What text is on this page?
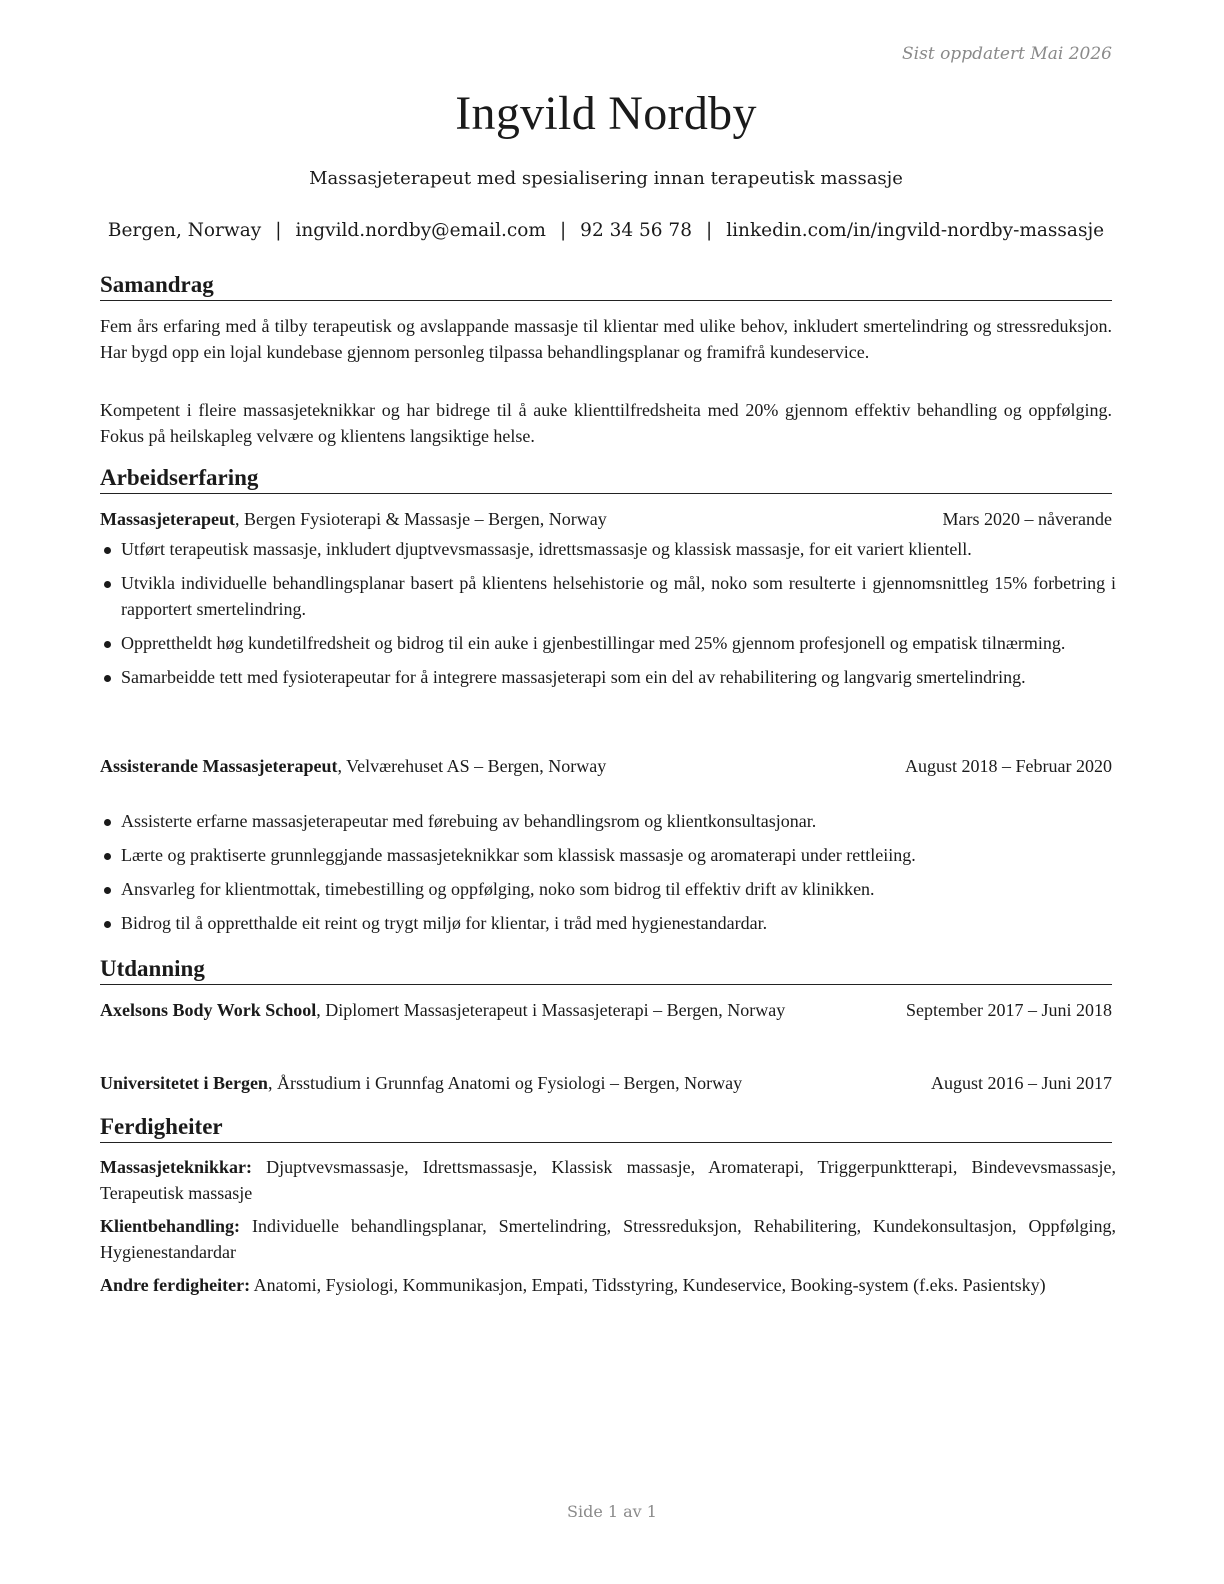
Sist oppdatert Mai 2026
Ingvild Nordby
Massasjeterapeut med spesialisering innan terapeutisk massasje
Bergen, Norway | ingvild.nordby@email.com | 92 34 56 78 | linkedin.com/in/ingvild-nordby-massasje
Samandrag
Fem års erfaring med å tilby terapeutisk og avslappande massasje til klientar med ulike behov, inkludert smertelindring og stressreduksjon. Har bygd opp ein lojal kundebase gjennom personleg tilpassa behandlingsplanar og framifrå kundeservice.
Kompetent i fleire massasjeteknikkar og har bidrege til å auke klienttilfredsheita med 20% gjennom effektiv behandling og oppfølging. Fokus på heilskapleg velvære og klientens langsiktige helse.
Arbeidserfaring
Massasjeterapeut, Bergen Fysioterapi & Massasje – Bergen, Norway	Mars 2020 – nåverande
Utført terapeutisk massasje, inkludert djuptvevsmassasje, idrettsmassasje og klassisk massasje, for eit variert klientell.
Utvikla individuelle behandlingsplanar basert på klientens helsehistorie og mål, noko som resulterte i gjennomsnittleg 15% forbetring i rapportert smertelindring.
Opprettheldt høg kundetilfredsheit og bidrog til ein auke i gjenbestillingar med 25% gjennom profesjonell og empatisk tilnærming.
Samarbeidde tett med fysioterapeutar for å integrere massasjeterapi som ein del av rehabilitering og langvarig smertelindring.
Assisterande Massasjeterapeut, Velværehuset AS – Bergen, Norway	August 2018 – Februar 2020
Assisterte erfarne massasjeterapeutar med førebuing av behandlingsrom og klientkonsultasjonar.
Lærte og praktiserte grunnleggjande massasjeteknikkar som klassisk massasje og aromaterapi under rettleiing.
Ansvarleg for klientmottak, timebestilling og oppfølging, noko som bidrog til effektiv drift av klinikken.
Bidrog til å oppretthalde eit reint og trygt miljø for klientar, i tråd med hygienestandardar.
Utdanning
Axelsons Body Work School, Diplomert Massasjeterapeut i Massasjeterapi – Bergen, Norway	September 2017 – Juni 2018
Universitetet i Bergen, Årsstudium i Grunnfag Anatomi og Fysiologi – Bergen, Norway	August 2016 – Juni 2017
Ferdigheiter
Massasjeteknikkar: Djuptvevsmassasje, Idrettsmassasje, Klassisk massasje, Aromaterapi, Triggerpunktterapi, Bindevevsmassasje, Terapeutisk massasje
Klientbehandling: Individuelle behandlingsplanar, Smertelindring, Stressreduksjon, Rehabilitering, Kundekonsultasjon, Oppfølging, Hygienestandardar
Andre ferdigheiter: Anatomi, Fysiologi, Kommunikasjon, Empati, Tidsstyring, Kundeservice, Booking-system (f.eks. Pasientsky)
Side 1 av 1
